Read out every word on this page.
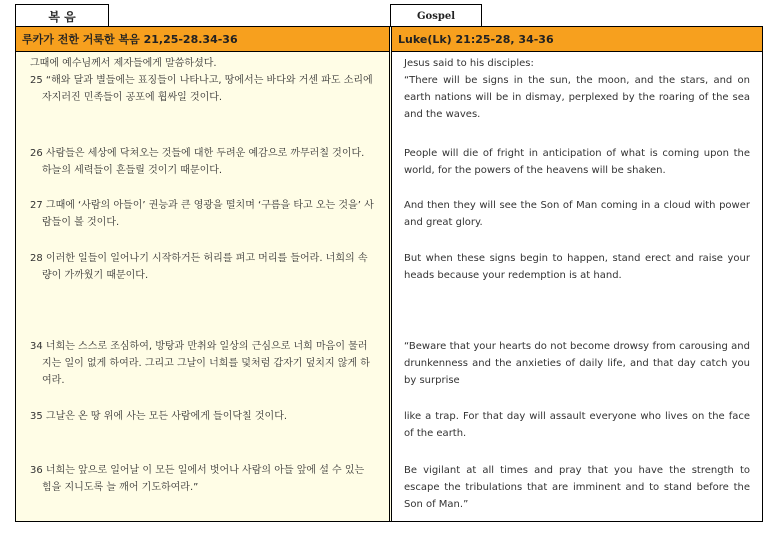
복 음	Gospel
루카가 전한 거룩한 복음 21,25-28.34-36
그때에 예수님께서 제자들에게 말씀하셨다.
25 “해와 달과 별들에는 표징들이 나타나고, 땅에서는 바다와 거센 파도 소리에 자지러진 민족들이 공포에 휩싸일 것이다.
26 사람들은 세상에 닥쳐오는 것들에 대한 두려운 예감으로 까무러칠 것이다. 하늘의 세력들이 흔들릴 것이기 때문이다.
27 그때에 ‘사람의 아들이’ 권능과 큰 영광을 떨치며 ‘구름을 타고 오는 것을’ 사람들이 볼 것이다.
28 이러한 일들이 일어나기 시작하거든 허리를 펴고 머리를 들어라. 너희의 속량이 가까웠기 때문이다.
34 너희는 스스로 조심하여, 방탕과 만취와 일상의 근심으로 너희 마음이 물러지는 일이 없게 하여라. 그리고 그날이 너희를 덫처럼 갑자기 덮치지 않게 하여라.
35 그날은 온 땅 위에 사는 모든 사람에게 들이닥칠 것이다.
36 너희는 앞으로 일어날 이 모든 일에서 벗어나 사람의 아들 앞에 설 수 있는 힘을 지니도록 늘 깨어 기도하여라.”
Luke(Lk) 21:25-28, 34-36
Jesus said to his disciples:
“There will be signs in the sun, the moon, and the stars, and on earth nations will be in dismay, perplexed by the roaring of the sea and the waves.
People will die of fright in anticipation of what is coming upon the world, for the powers of the heavens will be shaken.
And then they will see the Son of Man coming in a cloud with power and great glory.
But when these signs begin to happen, stand erect and raise your heads because your redemption is at hand.
“Beware that your hearts do not become drowsy from carousing and drunkenness and the anxieties of daily life, and that day catch you by surprise
like a trap. For that day will assault everyone who lives on the face of the earth.
Be vigilant at all times and pray that you have the strength to escape the tribulations that are imminent and to stand before the Son of Man.”
